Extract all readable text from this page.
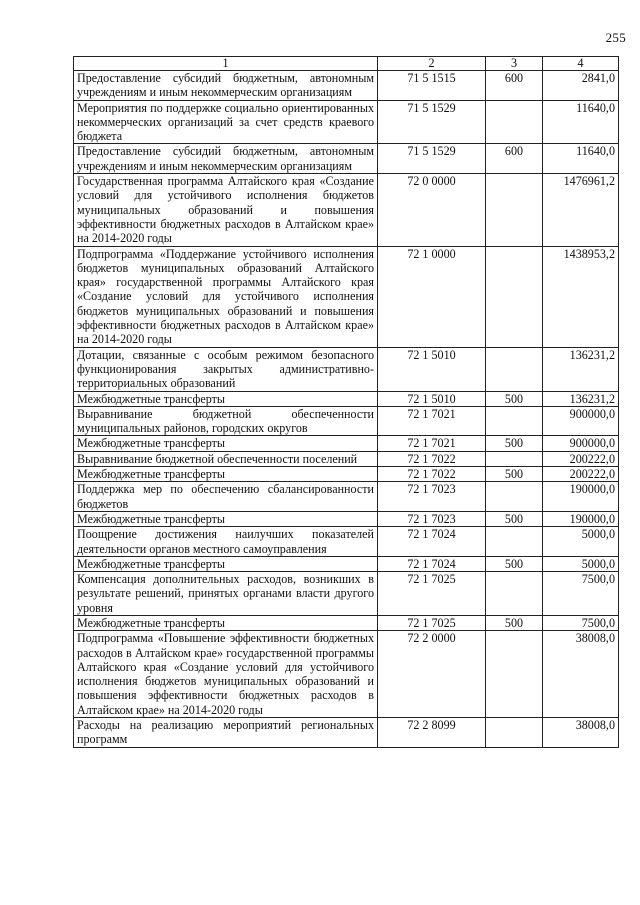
255
1	2	3	4
Предоставление субсидий бюджетным, автономным учреждениям и иным некоммерческим организациям	71 5 1515	600	2841,0
Мероприятия по поддержке социально ориентированных некоммерческих организаций за счет средств краевого бюджета	71 5 1529		11640,0
Предоставление субсидий бюджетным, автономным учреждениям и иным некоммерческим организациям	71 5 1529	600	11640,0
Государственная программа Алтайского края «Создание условий для устойчивого исполнения бюджетов муниципальных образований и повышения эффективности бюджетных расходов в Алтайском крае» на 2014-2020 годы	72 0 0000		1476961,2
Подпрограмма «Поддержание устойчивого исполнения бюджетов муниципальных образований Алтайского края» государственной программы Алтайского края «Создание условий для устойчивого исполнения бюджетов муниципальных образований и повышения эффективности бюджетных расходов в Алтайском крае» на 2014-2020 годы	72 1 0000		1438953,2
Дотации, связанные с особым режимом безопасного функционирования закрытых административно-территориальных образований	72 1 5010		136231,2
Межбюджетные трансферты	72 1 5010	500	136231,2
Выравнивание бюджетной обеспеченности муниципальных районов, городских округов	72 1 7021		900000,0
Межбюджетные трансферты	72 1 7021	500	900000,0
Выравнивание бюджетной обеспеченности поселений	72 1 7022		200222,0
Межбюджетные трансферты	72 1 7022	500	200222,0
Поддержка мер по обеспечению сбалансированности бюджетов	72 1 7023		190000,0
Межбюджетные трансферты	72 1 7023	500	190000,0
Поощрение достижения наилучших показателей деятельности органов местного самоуправления	72 1 7024		5000,0
Межбюджетные трансферты	72 1 7024	500	5000,0
Компенсация дополнительных расходов, возникших в результате решений, принятых органами власти другого уровня	72 1 7025		7500,0
Межбюджетные трансферты	72 1 7025	500	7500,0
Подпрограмма «Повышение эффективности бюджетных расходов в Алтайском крае» государственной программы Алтайского края «Создание условий для устойчивого исполнения бюджетов муниципальных образований и повышения эффективности бюджетных расходов в Алтайском крае» на 2014-2020 годы	72 2 0000		38008,0
Расходы на реализацию мероприятий региональных программ	72 2 8099		38008,0
